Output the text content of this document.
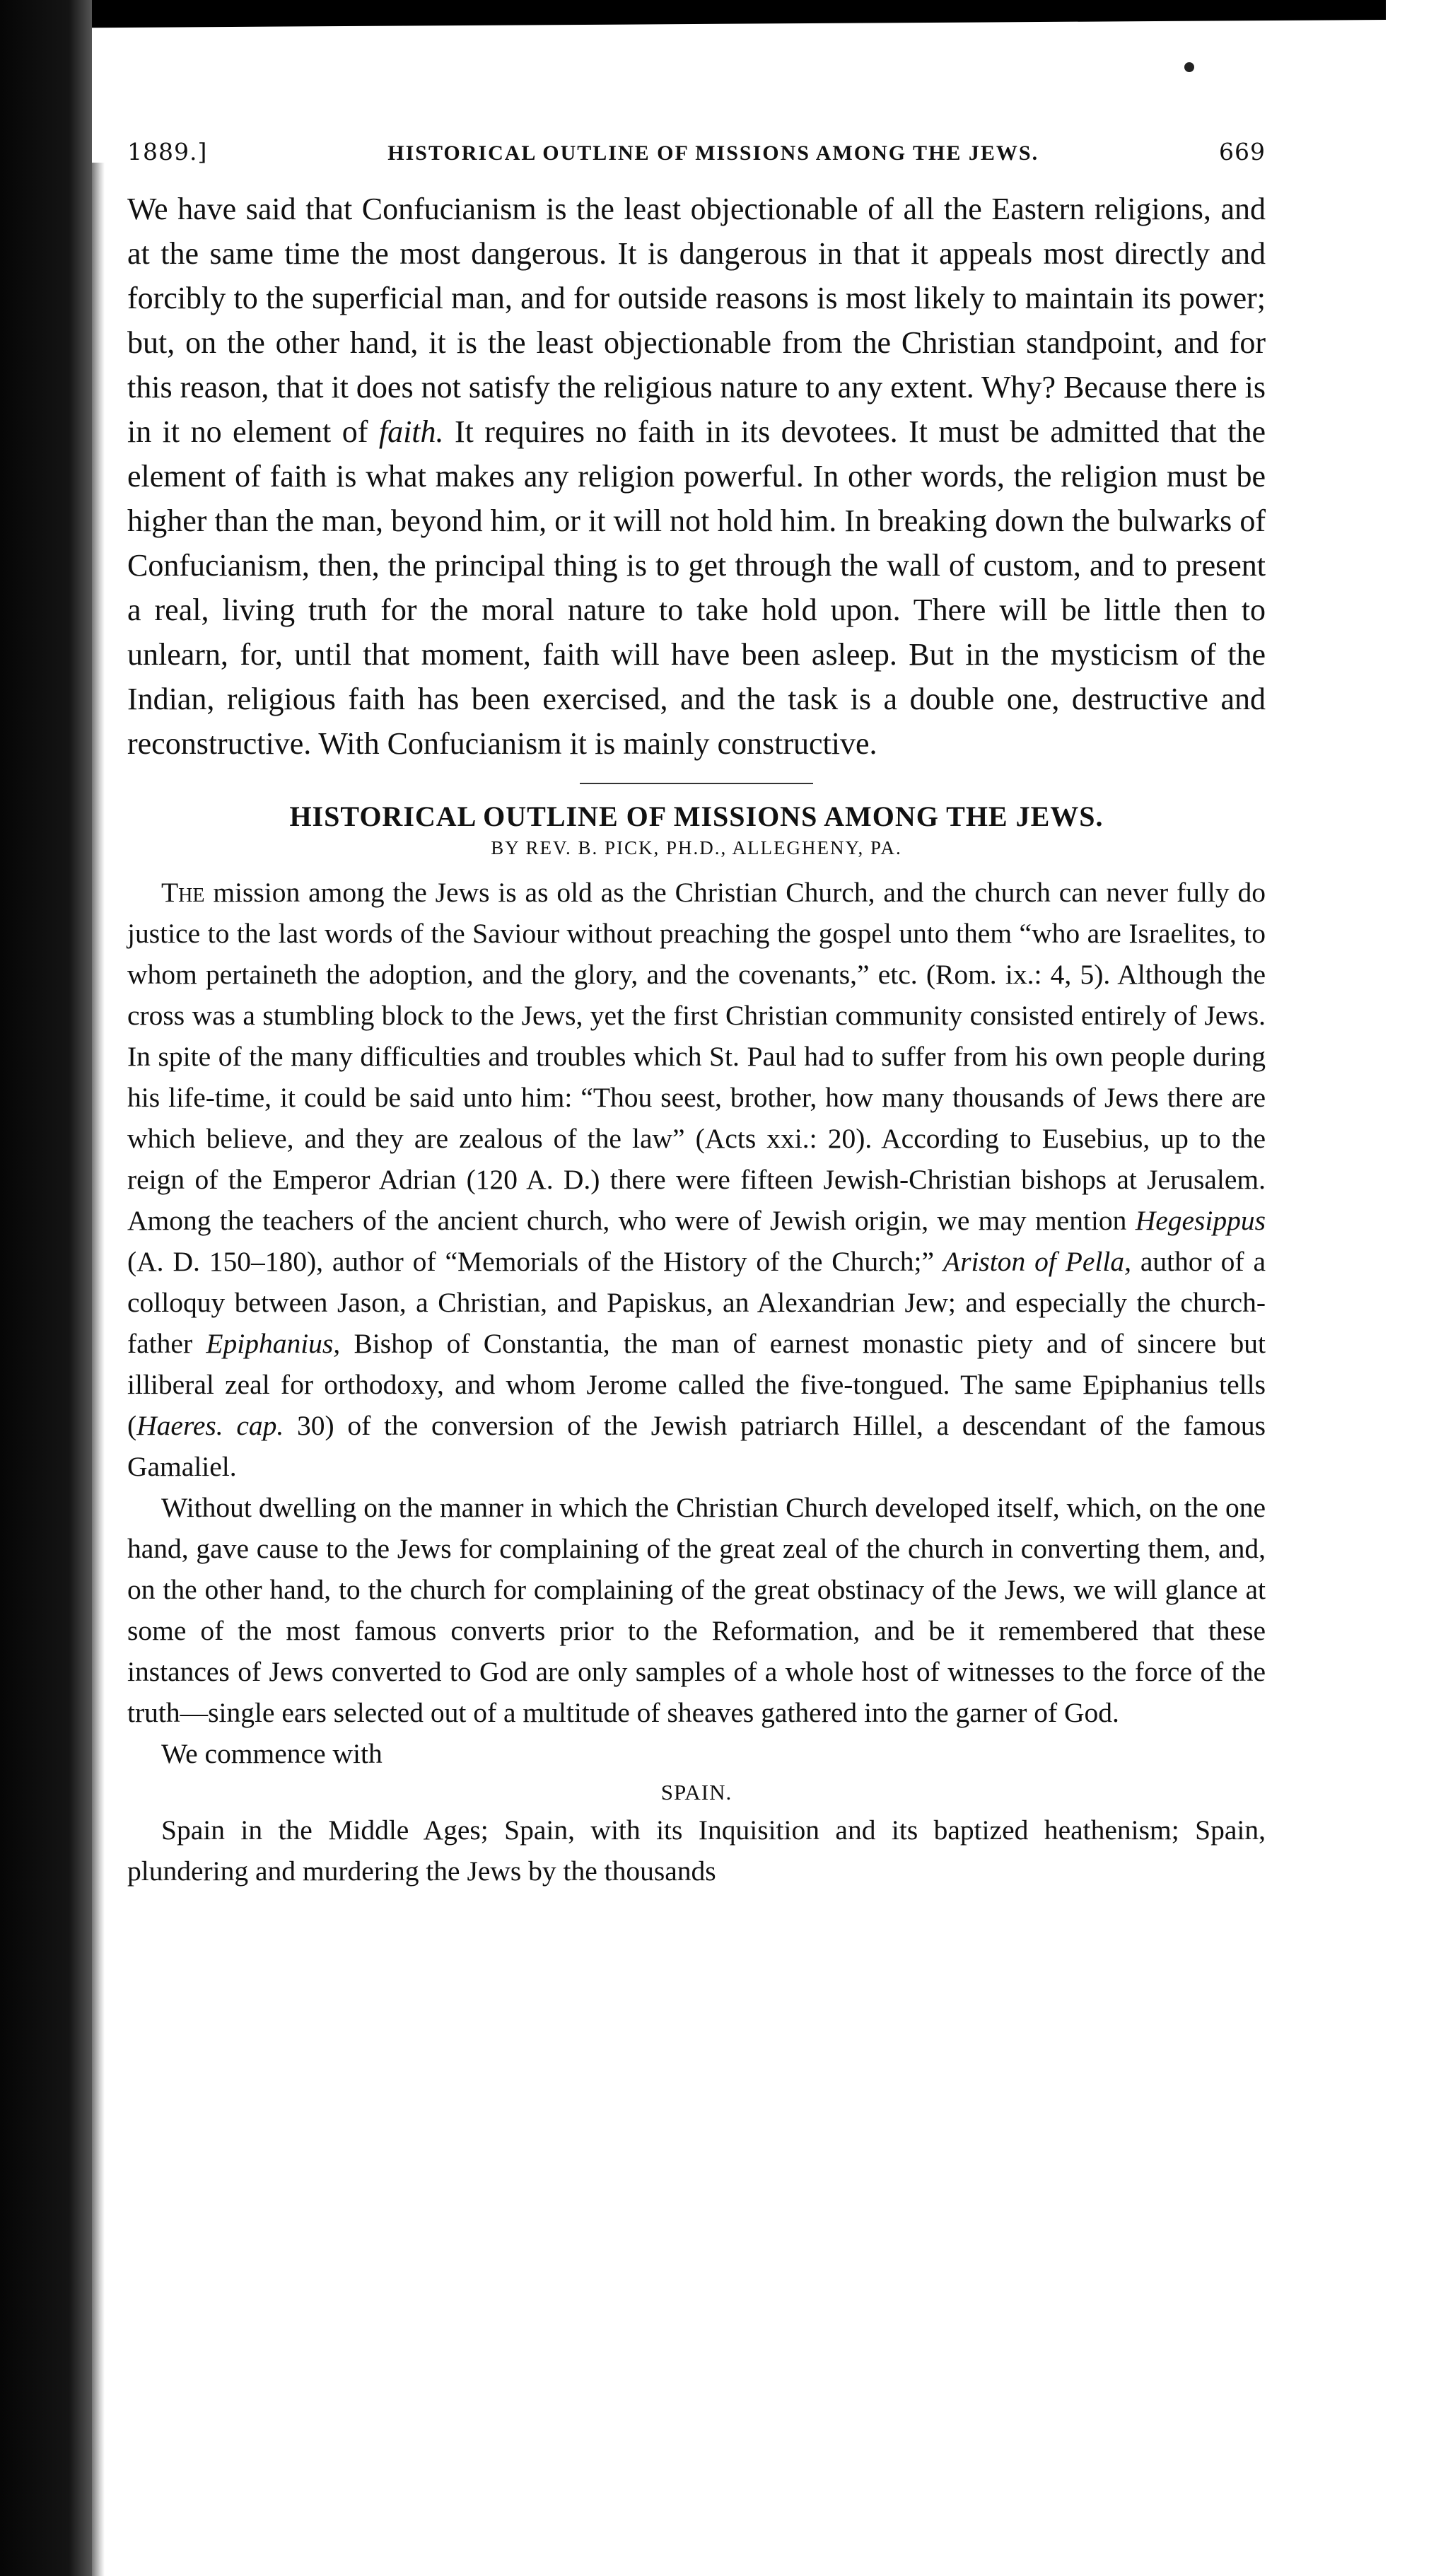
1889.]	HISTORICAL OUTLINE OF MISSIONS AMONG THE JEWS.	669

We have said that Confucianism is the least objectionable of all the Eastern religions, and at the same time the most dangerous. It is dangerous in that it appeals most directly and forcibly to the superficial man, and for outside reasons is most likely to maintain its power; but, on the other hand, it is the least objectionable from the Christian standpoint, and for this reason, that it does not satisfy the religious nature to any extent. Why? Because there is in it no element of faith. It requires no faith in its devotees. It must be admitted that the element of faith is what makes any religion powerful. In other words, the religion must be higher than the man, beyond him, or it will not hold him. In breaking down the bulwarks of Confucianism, then, the principal thing is to get through the wall of custom, and to present a real, living truth for the moral nature to take hold upon. There will be little then to unlearn, for, until that moment, faith will have been asleep. But in the mysticism of the Indian, religious faith has been exercised, and the task is a double one, destructive and reconstructive. With Confucianism it is mainly constructive.

HISTORICAL OUTLINE OF MISSIONS AMONG THE JEWS.
BY REV. B. PICK, PH.D., ALLEGHENY, PA.

The mission among the Jews is as old as the Christian Church, and the church can never fully do justice to the last words of the Saviour without preaching the gospel unto them “who are Israelites, to whom pertaineth the adoption, and the glory, and the covenants,” etc. (Rom. ix.: 4, 5). Although the cross was a stumbling block to the Jews, yet the first Christian community consisted entirely of Jews. In spite of the many difficulties and troubles which St. Paul had to suffer from his own people during his life-time, it could be said unto him: “Thou seest, brother, how many thousands of Jews there are which believe, and they are zealous of the law” (Acts xxi.: 20). According to Eusebius, up to the reign of the Emperor Adrian (120 A. D.) there were fifteen Jewish-Christian bishops at Jerusalem. Among the teachers of the ancient church, who were of Jewish origin, we may mention Hegesippus (A. D. 150–180), author of “Memorials of the History of the Church;” Ariston of Pella, author of a colloquy between Jason, a Christian, and Papiskus, an Alexandrian Jew; and especially the church-father Epiphanius, Bishop of Constantia, the man of earnest monastic piety and of sincere but illiberal zeal for orthodoxy, and whom Jerome called the five-tongued. The same Epiphanius tells (Haeres. cap. 30) of the conversion of the Jewish patriarch Hillel, a descendant of the famous Gamaliel.

Without dwelling on the manner in which the Christian Church developed itself, which, on the one hand, gave cause to the Jews for complaining of the great zeal of the church in converting them, and, on the other hand, to the church for complaining of the great obstinacy of the Jews, we will glance at some of the most famous converts prior to the Reformation, and be it remembered that these instances of Jews converted to God are only samples of a whole host of witnesses to the force of the truth—single ears selected out of a multitude of sheaves gathered into the garner of God.

We commence with

SPAIN.

Spain in the Middle Ages; Spain, with its Inquisition and its baptized heathenism; Spain, plundering and murdering the Jews by the thousands
